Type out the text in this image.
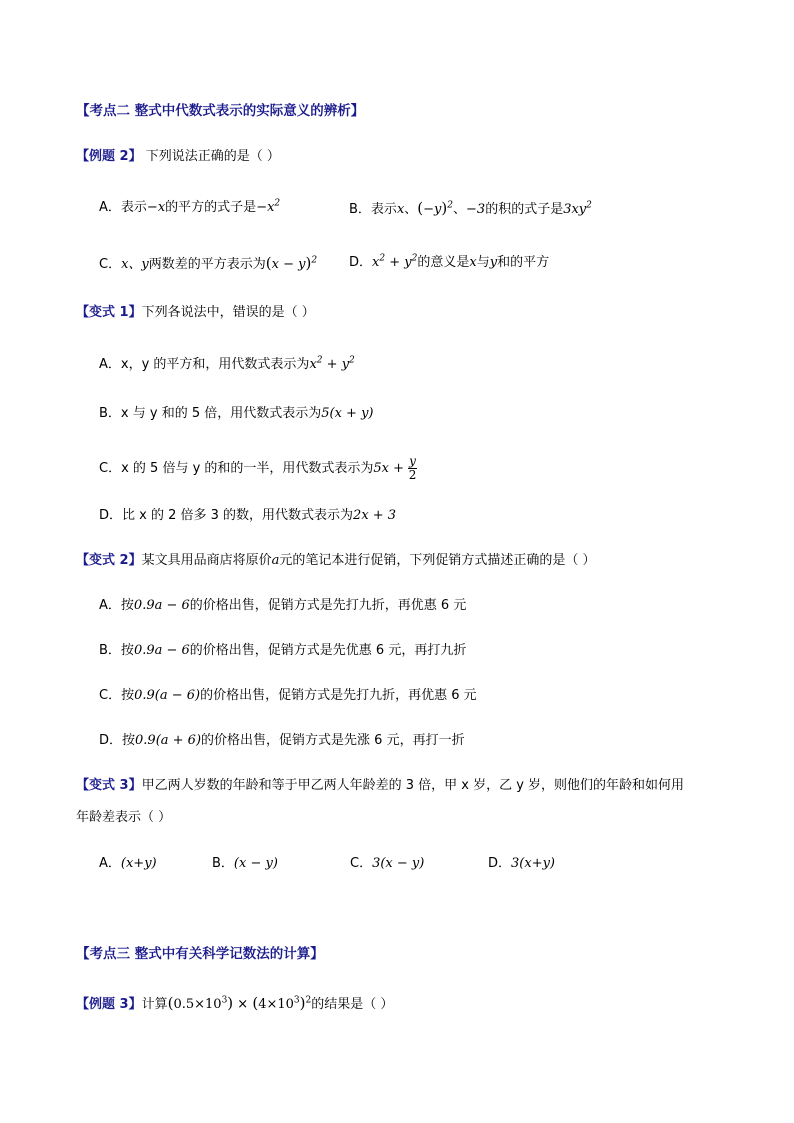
【考点二 整式中代数式表示的实际意义的辨析】
【例题 2】 下列说法正确的是（ ）
A．表示−x的平方的式子是$-x^2$	B．表示x、$(-y)^2$、−3的积的式子是$3xy^2$
C．x、y两数差的平方表示为$(x - y)^2$ D．$x^2 + y^2$的意义是x与y和的平方
【变式 1】下列各说法中，错误的是（ ）
A．x，y 的平方和，用代数式表示为$x^2 + y^2$
B．x 与 y 和的 5 倍，用代数式表示为5(x + y)
C．x 的 5 倍与 y 的和的一半，用代数式表示为$5x + \frac{y}{2}$
D．比 x 的 2 倍多 3 的数，用代数式表示为2x + 3
【变式 2】某文具用品商店将原价a元的笔记本进行促销，下列促销方式描述正确的是（ ）
A．按0.9a − 6的价格出售，促销方式是先打九折，再优惠 6 元
B．按0.9a − 6的价格出售，促销方式是先优惠 6 元，再打九折
C．按0.9(a − 6)的价格出售，促销方式是先打九折，再优惠 6 元
D．按0.9(a + 6)的价格出售，促销方式是先涨 6 元，再打一折
【变式 3】甲乙两人岁数的年龄和等于甲乙两人年龄差的 3 倍，甲 x 岁，乙 y 岁，则他们的年龄和如何用
年龄差表示（ ）
A．(x+y)	B．(x − y)	C．3(x − y)	D．3(x+y)
【考点三 整式中有关科学记数法的计算】
【例题 3】计算$(0.5\times 10^3) \times (4\times 10^3)^2$的结果是（ ）
